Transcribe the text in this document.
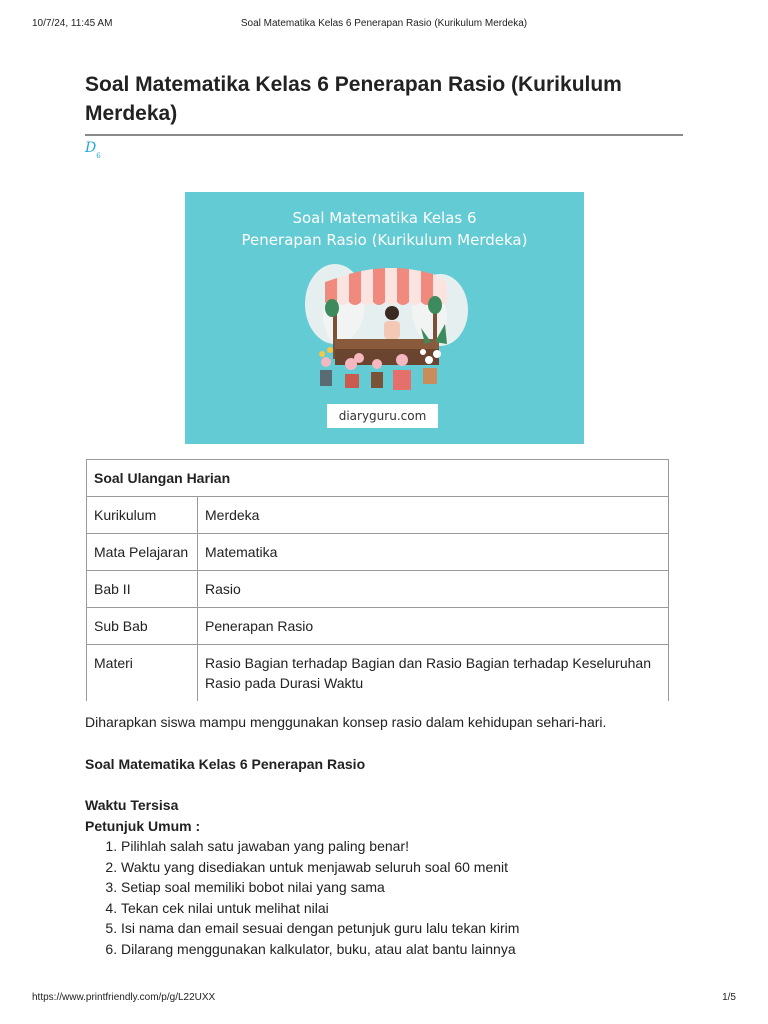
10/7/24, 11:45 AM	Soal Matematika Kelas 6 Penerapan Rasio (Kurikulum Merdeka)
Soal Matematika Kelas 6 Penerapan Rasio (Kurikulum Merdeka)
$D_6$
Soal Matematika Kelas 6
Penerapan Rasio (Kurikulum Merdeka)
diaryguru.com
Soal Ulangan Harian	
Kurikulum	Merdeka
Mata Pelajaran	Matematika
Bab II	Rasio
Sub Bab	Penerapan Rasio
Materi	Rasio Bagian terhadap Bagian dan Rasio Bagian terhadap Keseluruhan Rasio pada Durasi Waktu
Diharapkan siswa mampu menggunakan konsep rasio dalam kehidupan sehari-hari.
Soal Matematika Kelas 6 Penerapan Rasio
Waktu Tersisa
Petunjuk Umum :
1. Pilihlah salah satu jawaban yang paling benar!
2. Waktu yang disediakan untuk menjawab seluruh soal 60 menit
3. Setiap soal memiliki bobot nilai yang sama
4. Tekan cek nilai untuk melihat nilai
5. Isi nama dan email sesuai dengan petunjuk guru lalu tekan kirim
6. Dilarang menggunakan kalkulator, buku, atau alat bantu lainnya
https://www.printfriendly.com/p/g/L22UXX	1/5
